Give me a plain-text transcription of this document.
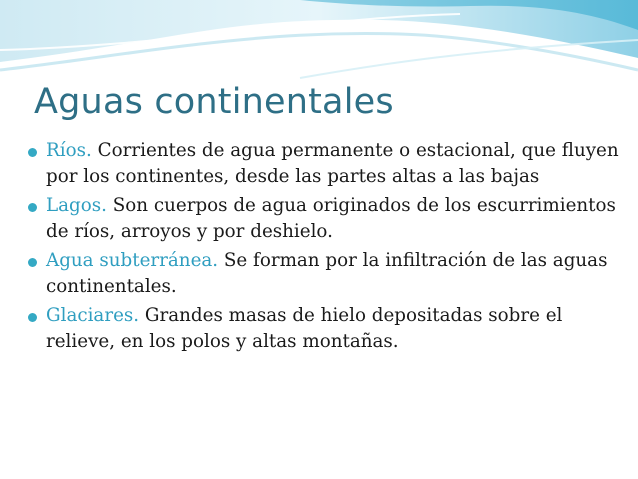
Aguas continentales
Ríos. Corrientes de agua permanente o estacional, que fluyen por los continentes, desde las partes altas a las bajas
Lagos. Son cuerpos de agua originados de los escurrimientos de ríos, arroyos y por deshielo.
Agua subterránea. Se forman por la infiltración de las aguas continentales.
Glaciares. Grandes masas de hielo depositadas sobre el relieve, en los polos y altas montañas.
